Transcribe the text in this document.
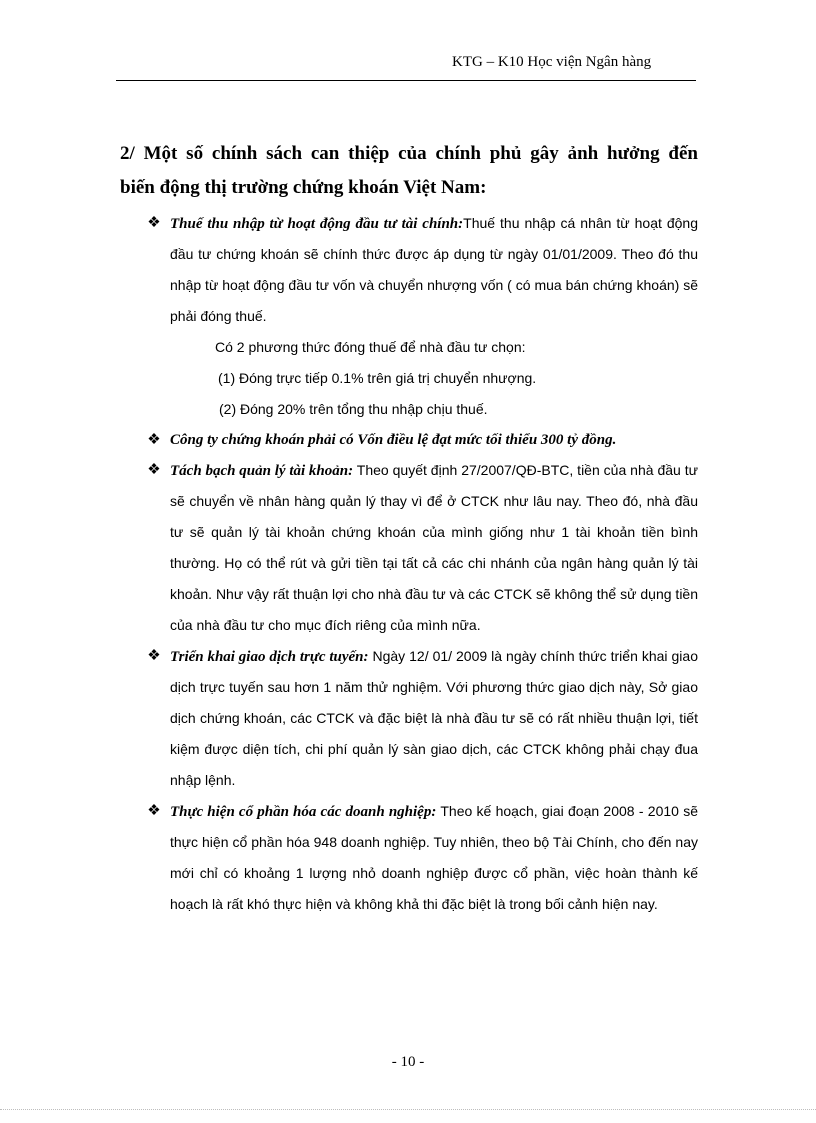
KTG – K10 Học viện Ngân hàng
2/ Một số chính sách can thiệp của chính phủ gây ảnh hưởng đến
biến động thị trường chứng khoán Việt Nam:
❖ Thuế thu nhập từ hoạt động đầu tư tài chính:Thuế thu nhập cá nhân từ hoạt động đầu tư chứng khoán sẽ chính thức được áp dụng từ ngày 01/01/2009. Theo đó thu nhập từ hoạt động đầu tư vốn và chuyển nhượng vốn ( có mua bán chứng khoán) sẽ phải đóng thuế.
Có 2 phương thức đóng thuế để nhà đầu tư chọn:
(1) Đóng trực tiếp 0.1% trên giá trị chuyển nhượng.
(2) Đóng 20% trên tổng thu nhập chịu thuế.
❖ Công ty chứng khoán phải có Vốn điều lệ đạt mức tối thiểu 300 tỷ đồng.
❖ Tách bạch quản lý tài khoản: Theo quyết định 27/2007/QĐ-BTC, tiền của nhà đầu tư sẽ chuyển về nhân hàng quản lý thay vì để ở CTCK như lâu nay. Theo đó, nhà đầu tư sẽ quản lý tài khoản chứng khoán của mình giống như 1 tài khoản tiền bình thường. Họ có thể rút và gửi tiền tại tất cả các chi nhánh của ngân hàng quản lý tài khoản. Như vậy rất thuận lợi cho nhà đầu tư và các CTCK sẽ không thể sử dụng tiền của nhà đầu tư cho mục đích riêng của mình nữa.
❖ Triển khai giao dịch trực tuyến: Ngày 12/ 01/ 2009 là ngày chính thức triển khai giao dịch trực tuyến sau hơn 1 năm thử nghiệm. Với phương thức giao dịch này, Sở giao dịch chứng khoán, các CTCK và đặc biệt là nhà đầu tư sẽ có rất nhiều thuận lợi, tiết kiệm được diện tích, chi phí quản lý sàn giao dịch, các CTCK không phải chạy đua nhập lệnh.
❖ Thực hiện cổ phần hóa các doanh nghiệp: Theo kế hoạch, giai đoạn 2008 - 2010 sẽ thực hiện cổ phần hóa 948 doanh nghiệp. Tuy nhiên, theo bộ Tài Chính, cho đến nay mới chỉ có khoảng 1 lượng nhỏ doanh nghiệp được cổ phần, việc hoàn thành kế hoạch là rất khó thực hiện và không khả thi đặc biệt là trong bối cảnh hiện nay.
- 10 -
